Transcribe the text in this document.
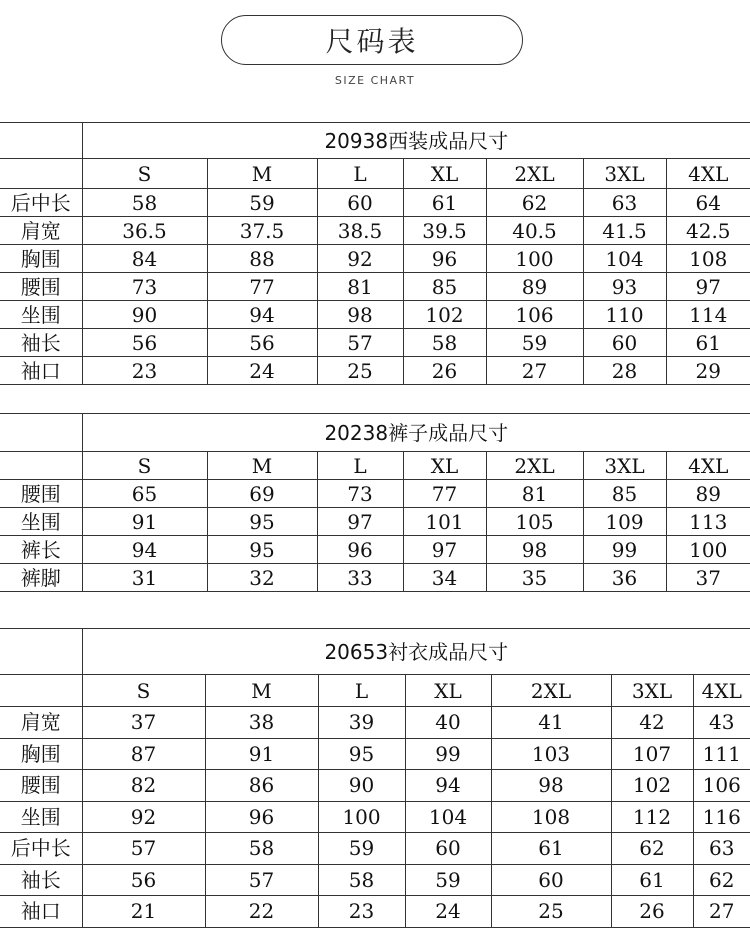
尺码表
SIZE CHART
	20938西装成品尺寸						
	S	M	L	XL	2XL	3XL	4XL
后中长	58	59	60	61	62	63	64
肩宽	36.5	37.5	38.5	39.5	40.5	41.5	42.5
胸围	84	88	92	96	100	104	108
腰围	73	77	81	85	89	93	97
坐围	90	94	98	102	106	110	114
袖长	56	56	57	58	59	60	61
袖口	23	24	25	26	27	28	29
	20238裤子成品尺寸						
	S	M	L	XL	2XL	3XL	4XL
腰围	65	69	73	77	81	85	89
坐围	91	95	97	101	105	109	113
裤长	94	95	96	97	98	99	100
裤脚	31	32	33	34	35	36	37
	20653衬衣成品尺寸						
	S	M	L	XL	2XL	3XL	4XL
肩宽	37	38	39	40	41	42	43
胸围	87	91	95	99	103	107	111
腰围	82	86	90	94	98	102	106
坐围	92	96	100	104	108	112	116
后中长	57	58	59	60	61	62	63
袖长	56	57	58	59	60	61	62
袖口	21	22	23	24	25	26	27
